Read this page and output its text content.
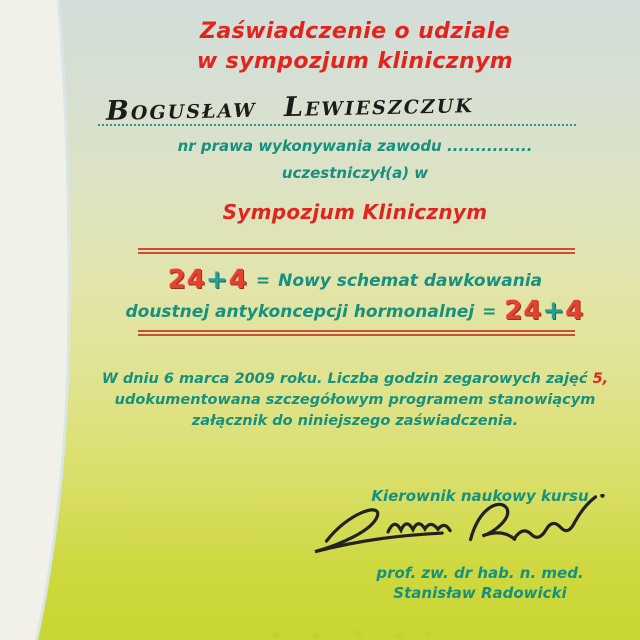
Zaświadczenie o udziale
w sympozjum klinicznym
Bogusław Lewieszczuk
nr prawa wykonywania zawodu ...............
uczestniczył(a) w
Sympozjum Klinicznym
24+4 = Nowy schemat dawkowania
doustnej antykoncepcji hormonalnej = 24+4
W dniu 6 marca 2009 roku. Liczba godzin zegarowych zajęć 5,
udokumentowana szczegółowym programem stanowiącym
załącznik do niniejszego zaświadczenia.
Kierownik naukowy kursu
prof. zw. dr hab. n. med.
Stanisław Radowicki
